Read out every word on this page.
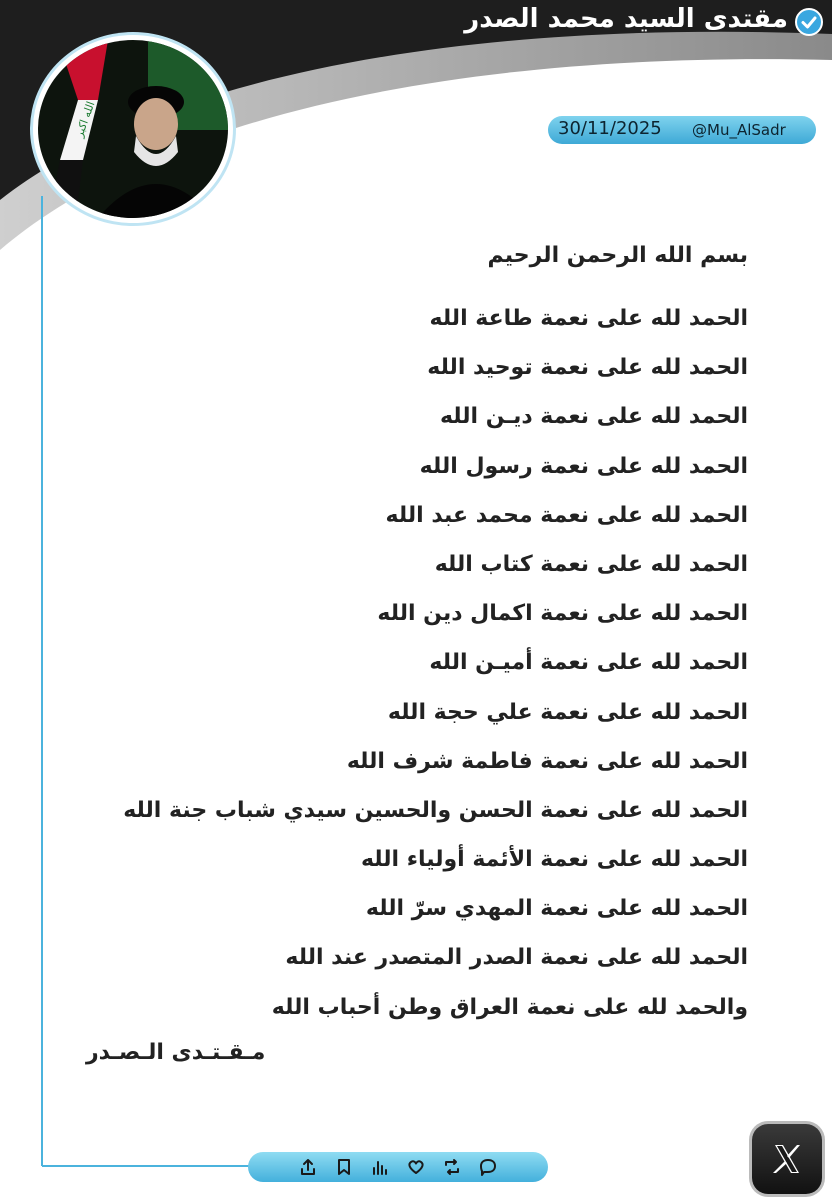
مقتدى السيد محمد الصدر
30/11/2025 @Mu_AlSadr
الله اكبر
بسم الله الرحمن الرحيم
الحمد لله على نعمة طاعة الله
الحمد لله على نعمة توحيد الله
الحمد لله على نعمة ديـن الله
الحمد لله على نعمة رسول الله
الحمد لله على نعمة محمد عبد الله
الحمد لله على نعمة كتاب الله
الحمد لله على نعمة اكمال دين الله
الحمد لله على نعمة أميـن الله
الحمد لله على نعمة علي حجة الله
الحمد لله على نعمة فاطمة شرف الله
الحمد لله على نعمة الحسن والحسين سيدي شباب جنة الله
الحمد لله على نعمة الأئمة أولياء الله
الحمد لله على نعمة المهدي سرّ الله
الحمد لله على نعمة الصدر المتصدر عند الله
والحمد لله على نعمة العراق وطن أحباب الله
مـقـتـدى الـصـدر
